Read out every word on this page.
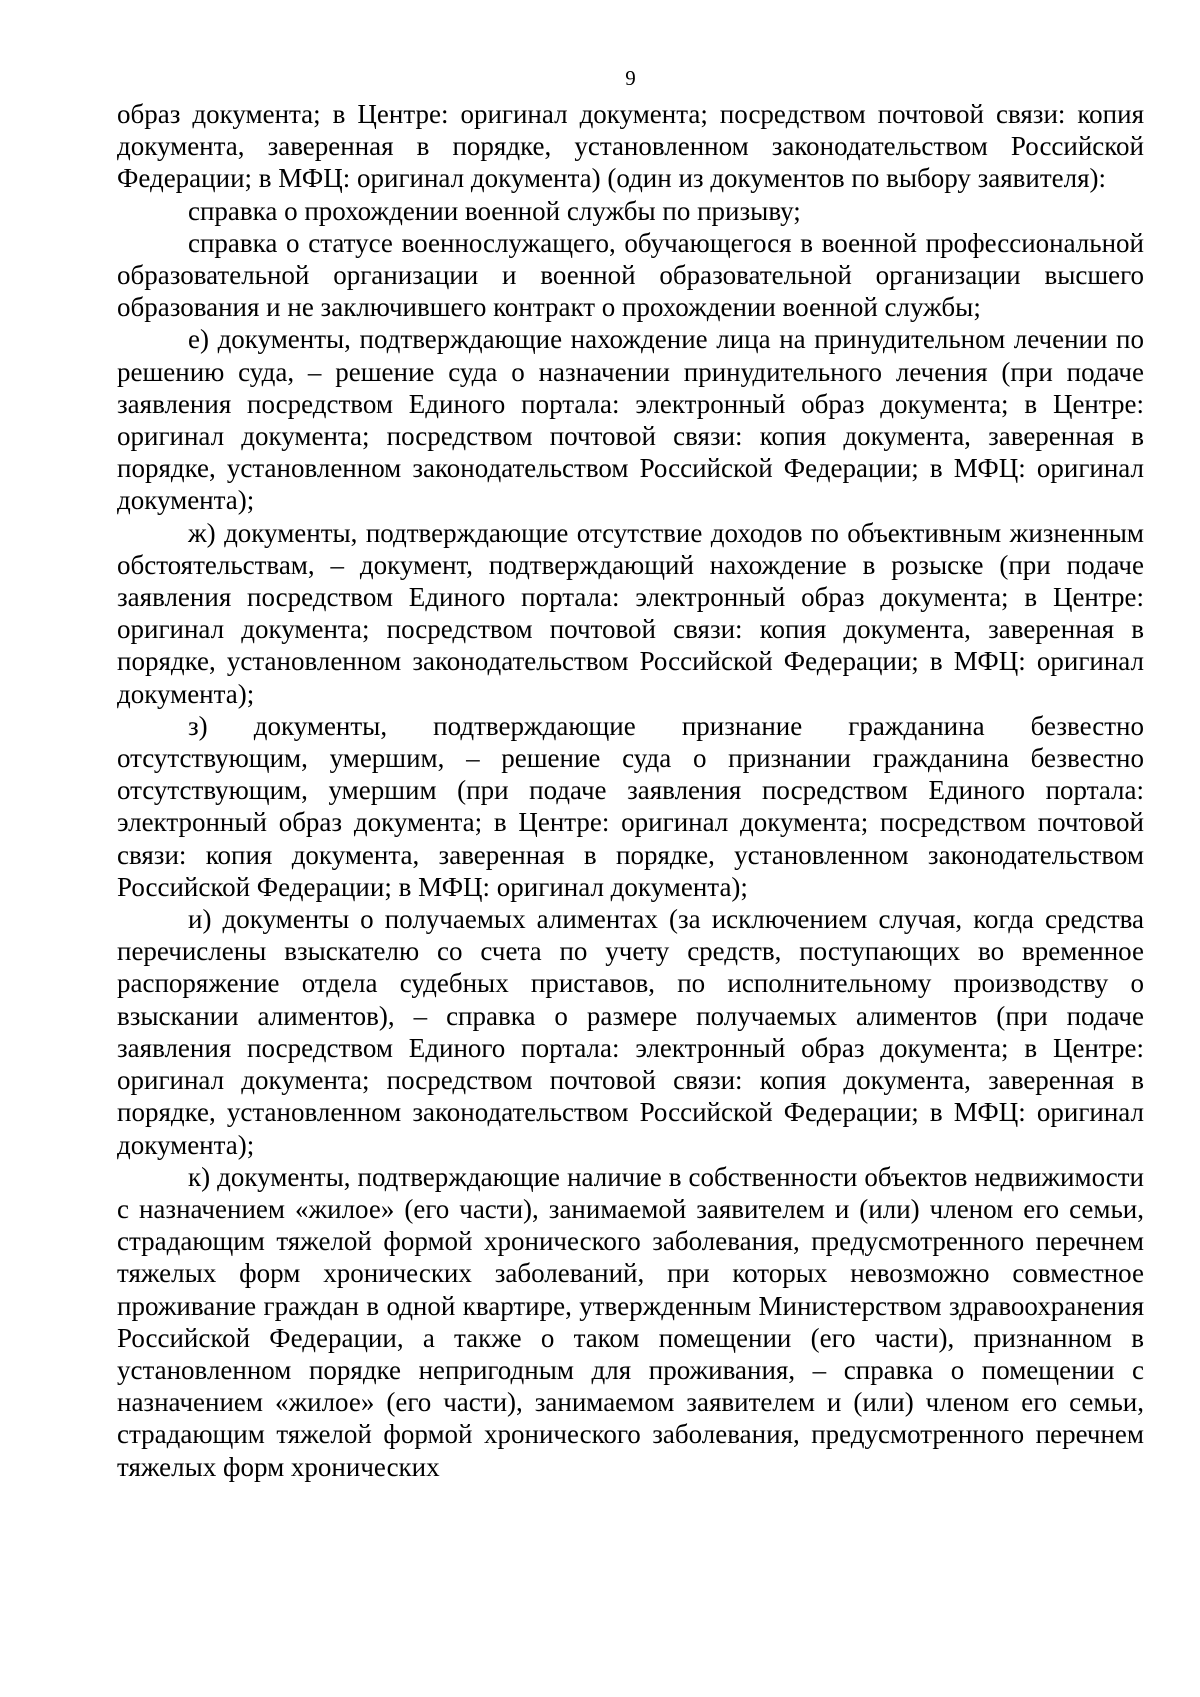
9

образ документа; в Центре: оригинал документа; посредством почтовой связи: копия документа, заверенная в порядке, установленном законодательством Российской Федерации; в МФЦ: оригинал документа) (один из документов по выбору заявителя):

справка о прохождении военной службы по призыву;

справка о статусе военнослужащего, обучающегося в военной профессиональной образовательной организации и военной образовательной организации высшего образования и не заключившего контракт о прохождении военной службы;

е) документы, подтверждающие нахождение лица на принудительном лечении по решению суда, – решение суда о назначении принудительного лечения (при подаче заявления посредством Единого портала: электронный образ документа; в Центре: оригинал документа; посредством почтовой связи: копия документа, заверенная в порядке, установленном законодательством Российской Федерации; в МФЦ: оригинал документа);

ж) документы, подтверждающие отсутствие доходов по объективным жизненным обстоятельствам, – документ, подтверждающий нахождение в розыске (при подаче заявления посредством Единого портала: электронный образ документа; в Центре: оригинал документа; посредством почтовой связи: копия документа, заверенная в порядке, установленном законодательством Российской Федерации; в МФЦ: оригинал документа);

з) документы, подтверждающие признание гражданина безвестно отсутствующим, умершим, – решение суда о признании гражданина безвестно отсутствующим, умершим (при подаче заявления посредством Единого портала: электронный образ документа; в Центре: оригинал документа; посредством почтовой связи: копия документа, заверенная в порядке, установленном законодательством Российской Федерации; в МФЦ: оригинал документа);

и) документы о получаемых алиментах (за исключением случая, когда средства перечислены взыскателю со счета по учету средств, поступающих во временное распоряжение отдела судебных приставов, по исполнительному производству о взыскании алиментов), – справка о размере получаемых алиментов (при подаче заявления посредством Единого портала: электронный образ документа; в Центре: оригинал документа; посредством почтовой связи: копия документа, заверенная в порядке, установленном законодательством Российской Федерации; в МФЦ: оригинал документа);

к) документы, подтверждающие наличие в собственности объектов недвижимости с назначением «жилое» (его части), занимаемой заявителем и (или) членом его семьи, страдающим тяжелой формой хронического заболевания, предусмотренного перечнем тяжелых форм хронических заболеваний, при которых невозможно совместное проживание граждан в одной квартире, утвержденным Министерством здравоохранения Российской Федерации, а также о таком помещении (его части), признанном в установленном порядке непригодным для проживания, – справка о помещении с назначением «жилое» (его части), занимаемом заявителем и (или) членом его семьи, страдающим тяжелой формой хронического заболевания, предусмотренного перечнем тяжелых форм хронических
